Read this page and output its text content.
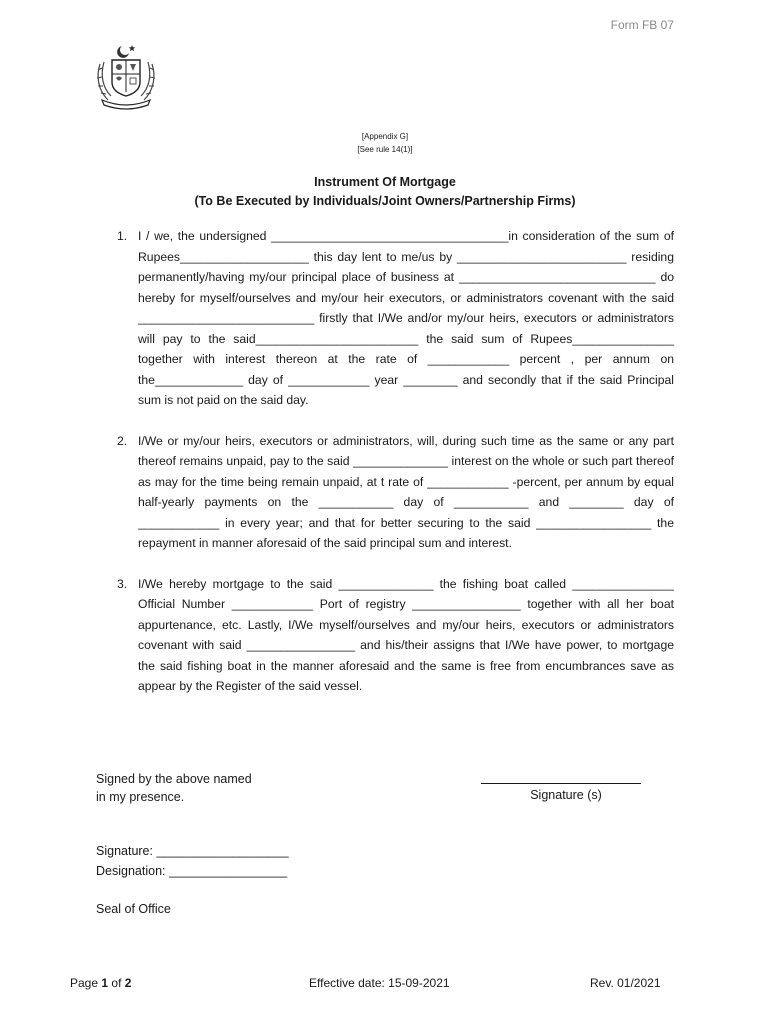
Form FB 07
[Appendix G]
[See rule 14(1)]
Instrument Of Mortgage
(To Be Executed by Individuals/Joint Owners/Partnership Firms)
1. I / we, the undersigned ___________________________________in consideration of the sum of Rupees___________________ this day lent to me/us by _________________________ residing permanently/having my/our principal place of business at _____________________________ do hereby for myself/ourselves and my/our heir executors, or administrators covenant with the said __________________________ firstly that I/We and/or my/our heirs, executors or administrators will pay to the said________________________ the said sum of Rupees_______________ together with interest thereon at the rate of ____________ percent , per annum on the_____________ day of ____________ year ________ and secondly that if the said Principal sum is not paid on the said day.
2. I/We or my/our heirs, executors or administrators, will, during such time as the same or any part thereof remains unpaid, pay to the said ______________ interest on the whole or such part thereof as may for the time being remain unpaid, at t rate of ____________ -percent, per annum by equal half-yearly payments on the ___________ day of ___________ and ________ day of ____________ in every year; and that for better securing to the said _________________ the repayment in manner aforesaid of the said principal sum and interest.
3. I/We hereby mortgage to the said ______________ the fishing boat called _______________ Official Number ____________ Port of registry ________________ together with all her boat appurtenance, etc. Lastly, I/We myself/ourselves and my/our heirs, executors or administrators covenant with said ________________ and his/their assigns that I/We have power, to mortgage the said fishing boat in the manner aforesaid and the same is free from encumbrances save as appear by the Register of the said vessel.
Signed by the above named
in my presence.	Signature (s)
Signature: ___________________
Designation: _________________
Seal of Office
Page 1 of 2	Effective date: 15-09-2021	Rev. 01/2021
